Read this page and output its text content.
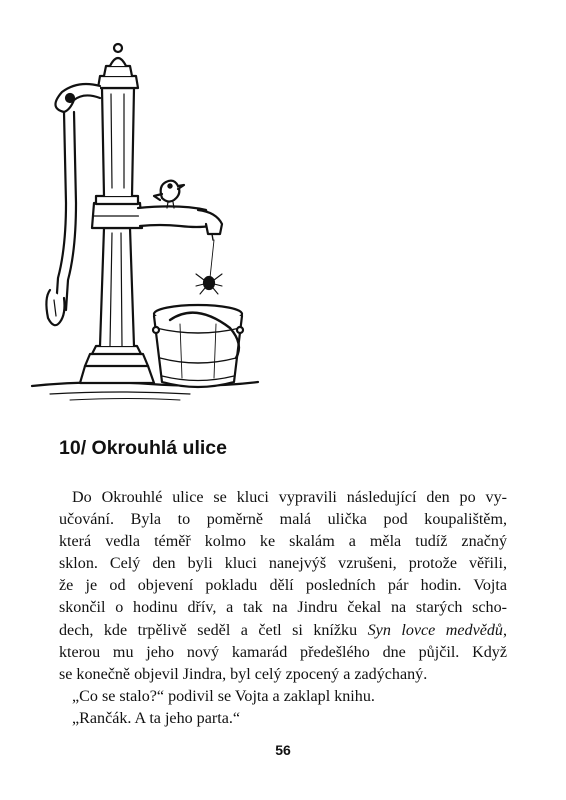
10/ Okrouhlá ulice
Do Okrouhlé ulice se kluci vypravili následující den po vy-
učování. Byla to poměrně malá ulička pod koupalištěm,
která vedla téměř kolmo ke skalám a měla tudíž značný
sklon. Celý den byli kluci nanejvýš vzrušeni, protože věřili,
že je od objevení pokladu dělí posledních pár hodin. Vojta
skončil o hodinu dřív, a tak na Jindru čekal na starých scho-
dech, kde trpělivě seděl a četl si knížku Syn lovce medvědů,
kterou mu jeho nový kamarád předešlého dne půjčil. Když
se konečně objevil Jindra, byl celý zpocený a zadýchaný.
„Co se stalo?“ podivil se Vojta a zaklapl knihu.
„Rančák. A ta jeho parta.“
56
